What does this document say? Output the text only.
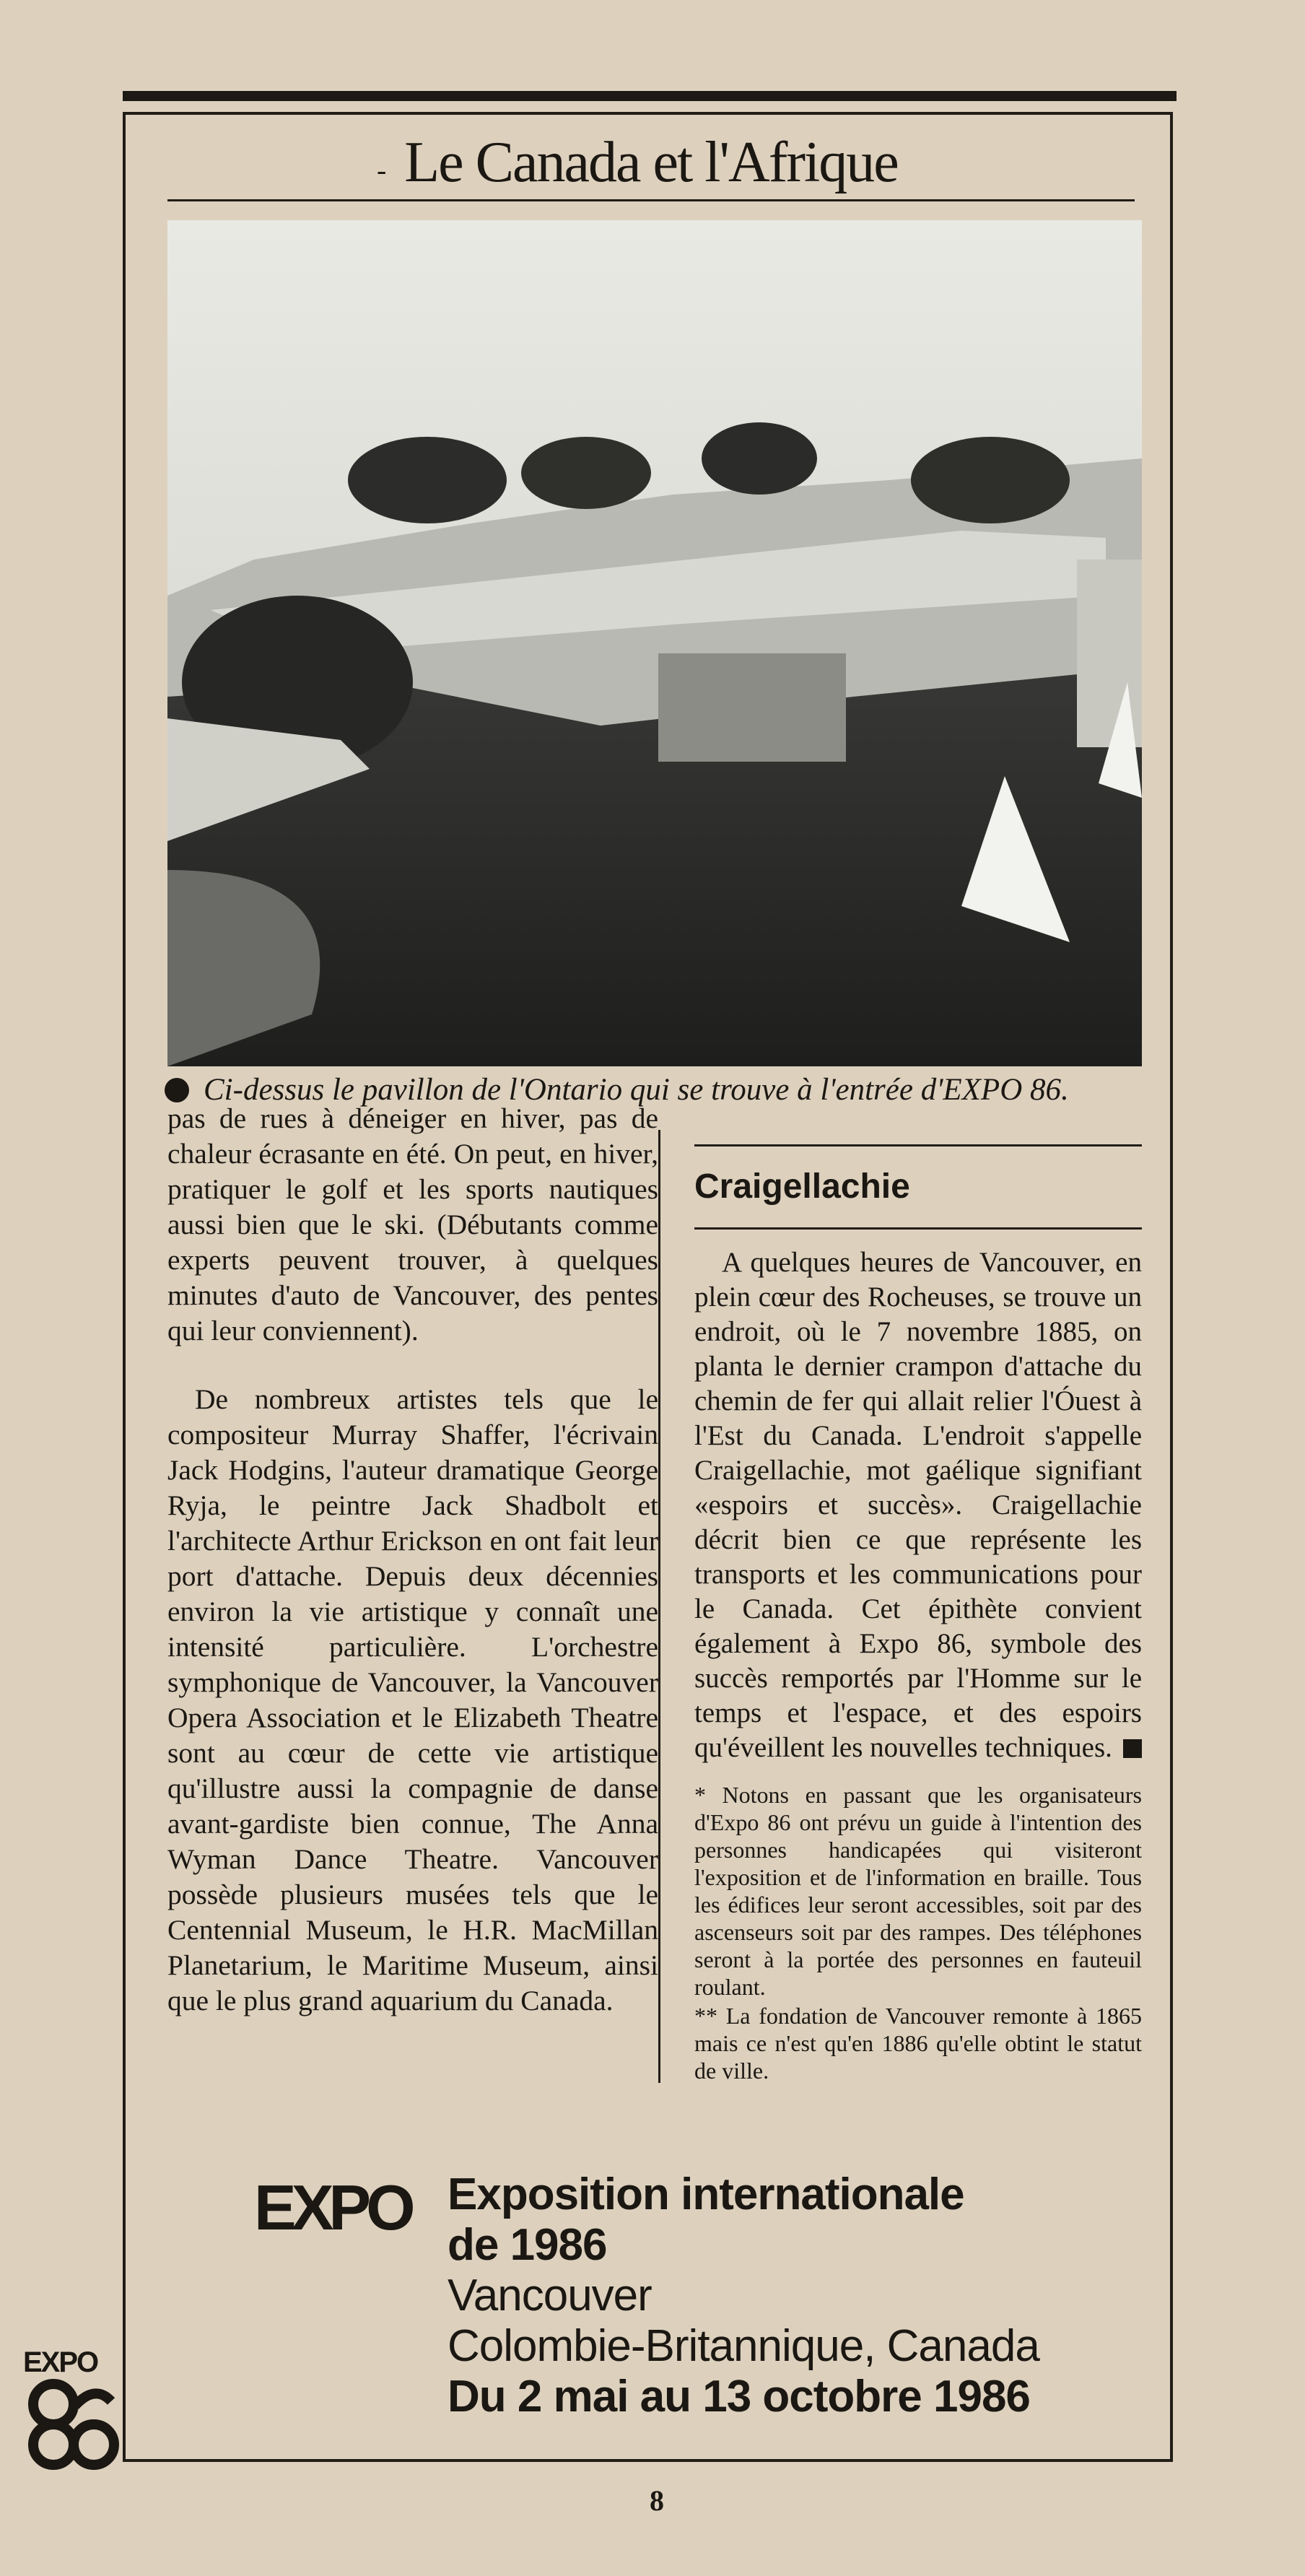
- Le Canada et l'Afrique
Ci-dessus le pavillon de l'Ontario qui se trouve à l'entrée d'EXPO 86.

pas de rues à déneiger en hiver, pas de chaleur écrasante en été. On peut, en hiver, pratiquer le golf et les sports nautiques aussi bien que le ski. (Débutants comme experts peuvent trouver, à quelques minutes d'auto de Vancouver, des pentes qui leur conviennent).

De nombreux artistes tels que le compositeur Murray Shaffer, l'écrivain Jack Hodgins, l'auteur dramatique George Ryja, le peintre Jack Shadbolt et l'architecte Arthur Erickson en ont fait leur port d'attache. Depuis deux décennies environ la vie artistique y connaît une intensité particulière. L'orchestre symphonique de Vancouver, la Vancouver Opera Association et le Elizabeth Theatre sont au cœur de cette vie artistique qu'illustre aussi la compagnie de danse avant-gardiste bien connue, The Anna Wyman Dance Theatre. Vancouver possède plusieurs musées tels que le Centennial Museum, le H.R. MacMillan Planetarium, le Maritime Museum, ainsi que le plus grand aquarium du Canada.

Craigellachie

A quelques heures de Vancouver, en plein cœur des Rocheuses, se trouve un endroit, où le 7 novembre 1885, on planta le dernier crampon d'attache du chemin de fer qui allait relier l'Óuest à l'Est du Canada. L'endroit s'appelle Craigellachie, mot gaélique signifiant «espoirs et succès». Craigellachie décrit bien ce que représente les transports et les communications pour le Canada. Cet épithète convient également à Expo 86, symbole des succès remportés par l'Homme sur le temps et l'espace, et des espoirs qu'éveillent les nouvelles techniques.

* Notons en passant que les organisateurs d'Expo 86 ont prévu un guide à l'intention des personnes handicapées qui visiteront l'exposition et de l'information en braille. Tous les édifices leur seront accessibles, soit par des ascenseurs soit par des rampes. Des téléphones seront à la portée des personnes en fauteuil roulant.

** La fondation de Vancouver remonte à 1865 mais ce n'est qu'en 1886 qu'elle obtint le statut de ville.

EXPO Exposition internationale
de 1986
Vancouver
Colombie-Britannique, Canada
Du 2 mai au 13 octobre 1986
EXPO
8
